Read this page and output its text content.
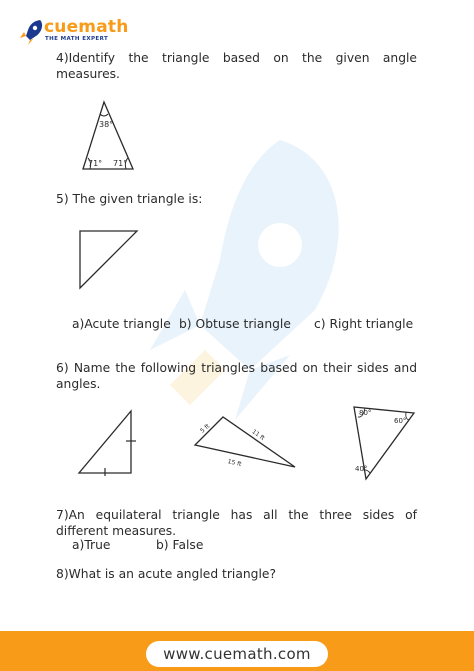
cuemath
THE MATH EXPERT
4)Identify the triangle based on the given angle measures.
38°
71° 71°
5) The given triangle is:
a)Acute triangle b) Obtuse triangle c) Right triangle
6) Name the following triangles based on their sides and angles.
5 ft	11 ft
15 ft
80°
60°
40°
7)An equilateral triangle has all the three sides of different measures.
a)True	b) False
8)What is an acute angled triangle?
www.cuemath.com
